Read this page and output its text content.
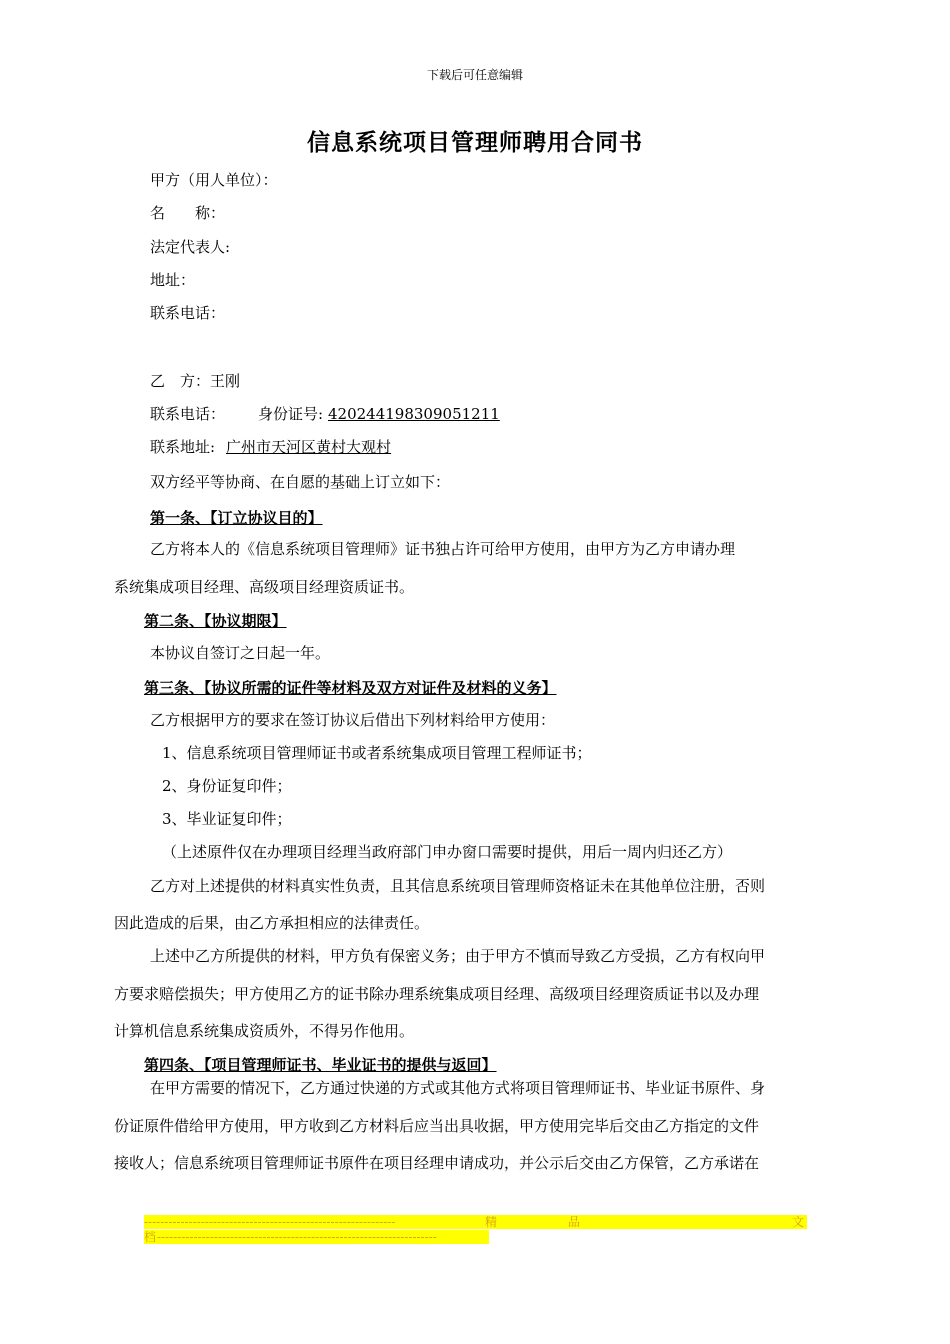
下载后可任意编辑
信息系统项目管理师聘用合同书
甲方（用人单位）：
名　　称：
法定代表人:
地址：
联系电话：
乙　方：王刚
联系电话： 身份证号: 420244198309051211
联系地址: 广州市天河区黄村大观村
双方经平等协商、在自愿的基础上订立如下：
第一条、【订立协议目的】
乙方将本人的《信息系统项目管理师》证书独占许可给甲方使用，由甲方为乙方申请办理
系统集成项目经理、高级项目经理资质证书。
第二条、【协议期限】
本协议自签订之日起一年。
第三条、【协议所需的证件等材料及双方对证件及材料的义务】
乙方根据甲方的要求在签订协议后借出下列材料给甲方使用：
1、信息系统项目管理师证书或者系统集成项目管理工程师证书；
2、身份证复印件；
3、毕业证复印件；
（上述原件仅在办理项目经理当政府部门申办窗口需要时提供，用后一周内归还乙方）
乙方对上述提供的材料真实性负责，且其信息系统项目管理师资格证未在其他单位注册，否则
因此造成的后果，由乙方承担相应的法律责任。
上述中乙方所提供的材料，甲方负有保密义务；由于甲方不慎而导致乙方受损，乙方有权向甲
方要求赔偿损失；甲方使用乙方的证书除办理系统集成项目经理、高级项目经理资质证书以及办理
计算机信息系统集成资质外，不得另作他用。
第四条、【项目管理师证书、毕业证书的提供与返回】
在甲方需要的情况下，乙方通过快递的方式或其他方式将项目管理师证书、毕业证书原件、身
份证原件借给甲方使用，甲方收到乙方材料后应当出具收据，甲方使用完毕后交由乙方指定的文件
接收人；信息系统项目管理师证书原件在项目经理申请成功，并公示后交由乙方保管，乙方承诺在
--------------------------------------------------------------	精	品	文
档 ---------------------------------------------------------------------
